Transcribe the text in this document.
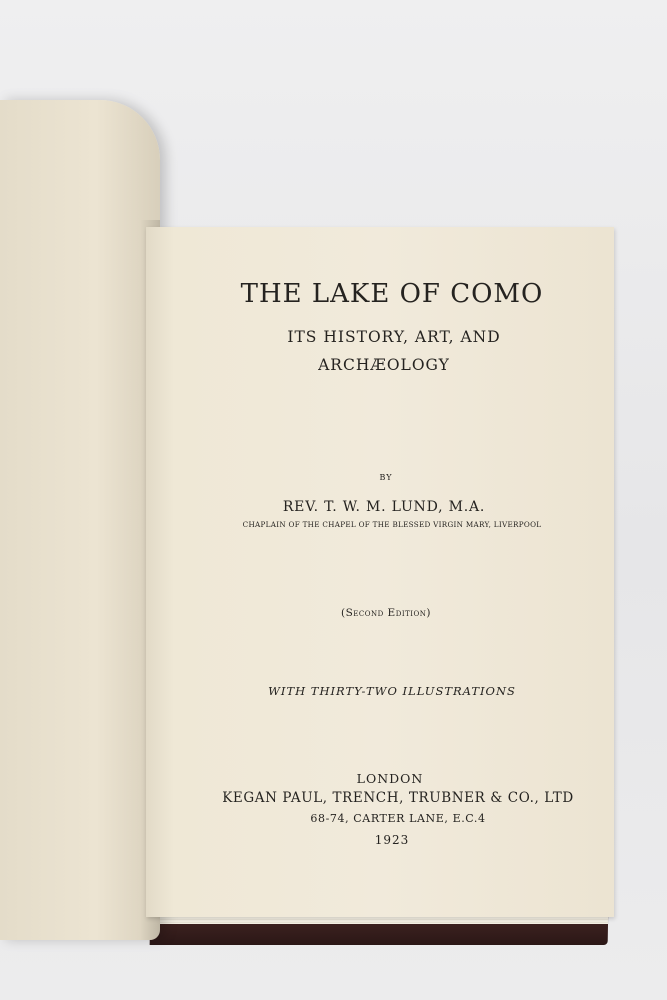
THE LAKE OF COMO
ITS HISTORY, ART, AND
ARCHÆOLOGY
BY
REV. T. W. M. LUND, M.A.
CHAPLAIN OF THE CHAPEL OF THE BLESSED VIRGIN MARY, LIVERPOOL
(Second Edition)
WITH THIRTY-TWO ILLUSTRATIONS
LONDON
KEGAN PAUL, TRENCH, TRUBNER & CO., LTD
68-74, CARTER LANE, E.C.4
1923
